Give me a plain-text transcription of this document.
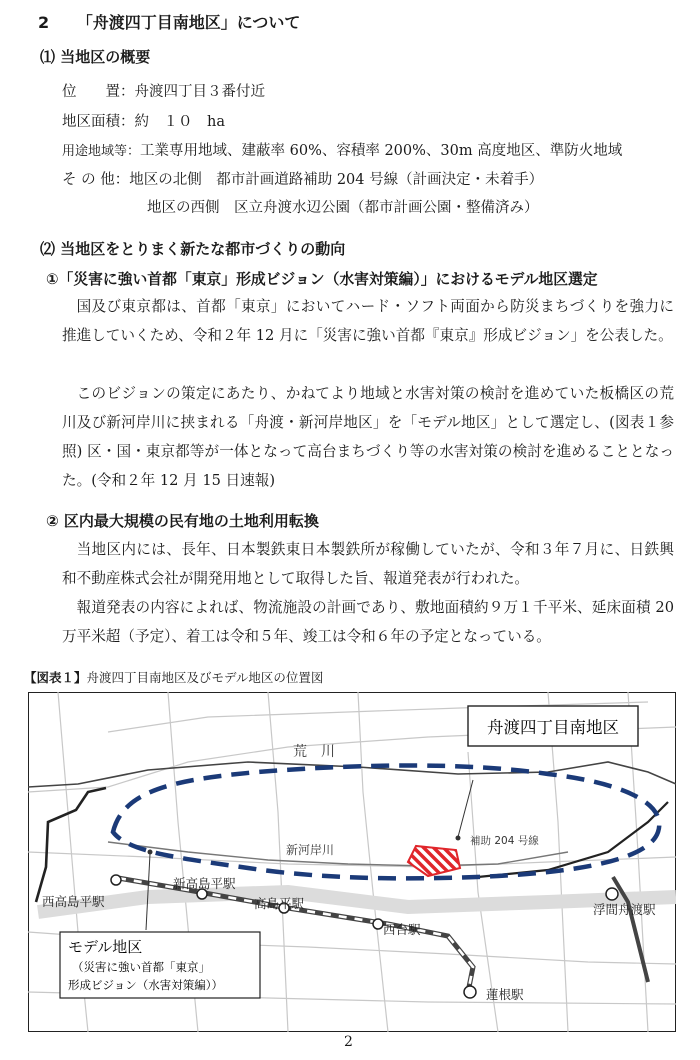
2 「舟渡四丁目南地区」について
⑴ 当地区の概要
位　　置：舟渡四丁目３番付近
地区面積：約　１０　ha
用途地域等：工業専用地域、建蔽率 60%、容積率 200%、30m 高度地区、準防火地域
そ の 他：地区の北側　都市計画道路補助 204 号線（計画決定・未着手）
地区の西側　区立舟渡水辺公園（都市計画公園・整備済み）
⑵ 当地区をとりまく新たな都市づくりの動向
①「災害に強い首都「東京」形成ビジョン（水害対策編）」におけるモデル地区選定
国及び東京都は、首都「東京」においてハード・ソフト両面から防災まちづくりを強力に推進していくため、令和２年 12 月に「災害に強い首都『東京』形成ビジョン」を公表した。
このビジョンの策定にあたり、かねてより地域と水害対策の検討を進めていた板橋区の荒川及び新河岸川に挟まれる「舟渡・新河岸地区」を「モデル地区」として選定し、(図表１参照) 区・国・東京都等が一体となって高台まちづくり等の水害対策の検討を進めることとなった。(令和２年 12 月 15 日速報)
② 区内最大規模の民有地の土地利用転換
当地区内には、長年、日本製鉄東日本製鉄所が稼働していたが、令和３年７月に、日鉄興和不動産株式会社が開発用地として取得した旨、報道発表が行われた。
報道発表の内容によれば、物流施設の計画であり、敷地面積約９万１千平米、延床面積 20 万平米超（予定）、着工は令和５年、竣工は令和６年の予定となっている。
【図表１】舟渡四丁目南地区及びモデル地区の位置図
舟渡四丁目南地区
荒　川
新河岸川
補助 204 号線
西高島平駅
新高島平駅
高島平駅
西台駅
蓮根駅
浮間舟渡駅
モデル地区
（災害に強い首都「東京」
形成ビジョン（水害対策編））
2
